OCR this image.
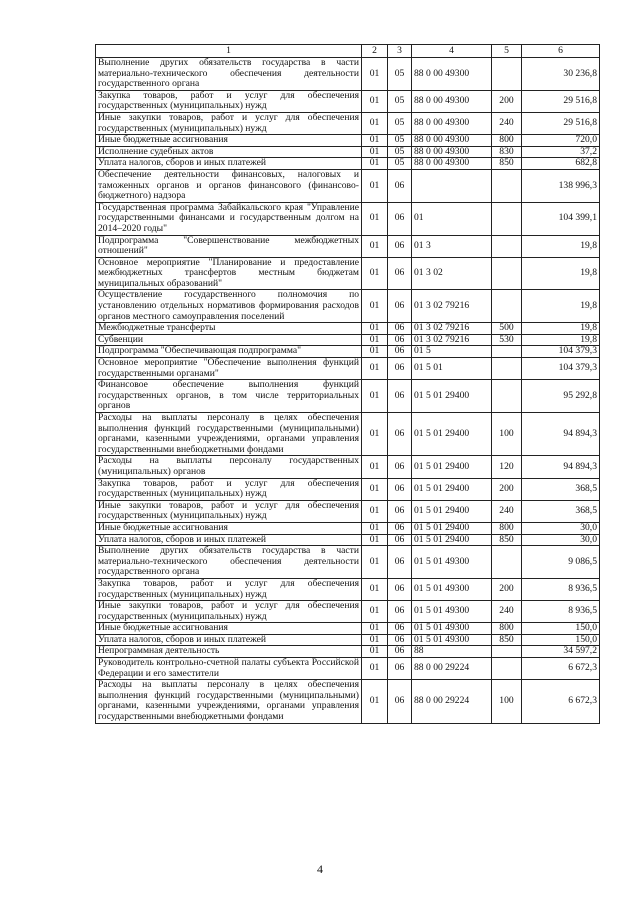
1	2	3	4	5	6
Выполнение других обязательств государства в части материально-технического обеспечения деятельности государственного органа	01	05	88 0 00 49300		30 236,8
Закупка товаров, работ и услуг для обеспечения государственных (муниципальных) нужд	01	05	88 0 00 49300	200	29 516,8
Иные закупки товаров, работ и услуг для обеспечения государственных (муниципальных) нужд	01	05	88 0 00 49300	240	29 516,8
Иные бюджетные ассигнования	01	05	88 0 00 49300	800	720,0
Исполнение судебных актов	01	05	88 0 00 49300	830	37,2
Уплата налогов, сборов и иных платежей	01	05	88 0 00 49300	850	682,8
Обеспечение деятельности финансовых, налоговых и таможенных органов и органов финансового (финансово-бюджетного) надзора	01	06			138 996,3
Государственная программа Забайкальского края "Управление государственными финансами и государственным долгом на 2014–2020 годы"	01	06	01		104 399,1
Подпрограмма "Совершенствование межбюджетных отношений"	01	06	01 3		19,8
Основное мероприятие "Планирование и предоставление межбюджетных трансфертов местным бюджетам муниципальных образований"	01	06	01 3 02		19,8
Осуществление государственного полномочия по установлению отдельных нормативов формирования расходов органов местного самоуправления поселений	01	06	01 3 02 79216		19,8
Межбюджетные трансферты	01	06	01 3 02 79216	500	19,8
Субвенции	01	06	01 3 02 79216	530	19,8
Подпрограмма "Обеспечивающая подпрограмма"	01	06	01 5		104 379,3
Основное мероприятие "Обеспечение выполнения функций государственными органами"	01	06	01 5 01		104 379,3
Финансовое обеспечение выполнения функций государственных органов, в том числе территориальных органов	01	06	01 5 01 29400		95 292,8
Расходы на выплаты персоналу в целях обеспечения выполнения функций государственными (муниципальными) органами, казенными учреждениями, органами управления государственными внебюджетными фондами	01	06	01 5 01 29400	100	94 894,3
Расходы на выплаты персоналу государственных (муниципальных) органов	01	06	01 5 01 29400	120	94 894,3
Закупка товаров, работ и услуг для обеспечения государственных (муниципальных) нужд	01	06	01 5 01 29400	200	368,5
Иные закупки товаров, работ и услуг для обеспечения государственных (муниципальных) нужд	01	06	01 5 01 29400	240	368,5
Иные бюджетные ассигнования	01	06	01 5 01 29400	800	30,0
Уплата налогов, сборов и иных платежей	01	06	01 5 01 29400	850	30,0
Выполнение других обязательств государства в части материально-технического обеспечения деятельности государственного органа	01	06	01 5 01 49300		9 086,5
Закупка товаров, работ и услуг для обеспечения государственных (муниципальных) нужд	01	06	01 5 01 49300	200	8 936,5
Иные закупки товаров, работ и услуг для обеспечения государственных (муниципальных) нужд	01	06	01 5 01 49300	240	8 936,5
Иные бюджетные ассигнования	01	06	01 5 01 49300	800	150,0
Уплата налогов, сборов и иных платежей	01	06	01 5 01 49300	850	150,0
Непрограммная деятельность	01	06	88		34 597,2
Руководитель контрольно-счетной палаты субъекта Российской Федерации и его заместители	01	06	88 0 00 29224		6 672,3
Расходы на выплаты персоналу в целях обеспечения выполнения функций государственными (муниципальными) органами, казенными учреждениями, органами управления государственными внебюджетными фондами	01	06	88 0 00 29224	100	6 672,3
4
